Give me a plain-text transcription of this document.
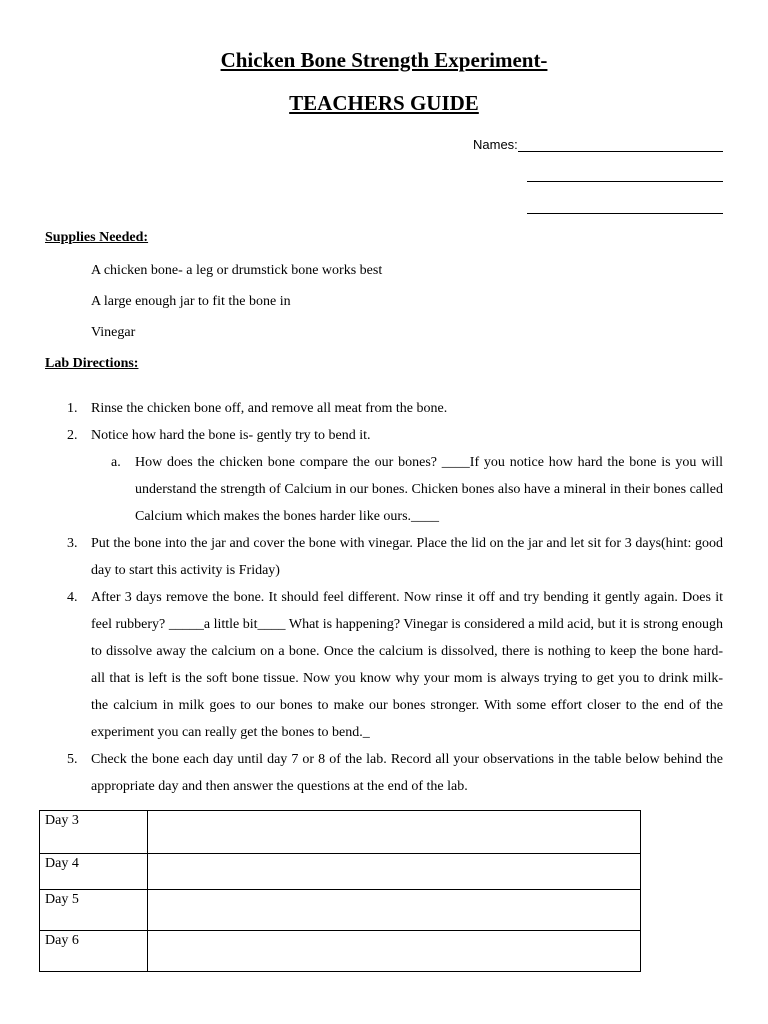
Chicken Bone Strength Experiment-
TEACHERS GUIDE
Names:

Supplies Needed:

A chicken bone- a leg or drumstick bone works best

A large enough jar to fit the bone in

Vinegar

Lab Directions:

1. Rinse the chicken bone off, and remove all meat from the bone.
2. Notice how hard the bone is- gently try to bend it.
a.	How does the chicken bone compare the our bones? ____If you notice how hard the bone is you will understand the strength of Calcium in our bones. Chicken bones also have a mineral in their bones called Calcium which makes the bones harder like ours.____
3. Put the bone into the jar and cover the bone with vinegar. Place the lid on the jar and let sit for 3 days(hint: good day to start this activity is Friday)
4. After 3 days remove the bone. It should feel different. Now rinse it off and try bending it gently again. Does it feel rubbery? _____a little bit____ What is happening? Vinegar is considered a mild acid, but it is strong enough to dissolve away the calcium on a bone. Once the calcium is dissolved, there is nothing to keep the bone hard- all that is left is the soft bone tissue. Now you know why your mom is always trying to get you to drink milk- the calcium in milk goes to our bones to make our bones stronger. With some effort closer to the end of the experiment you can really get the bones to bend._
5. Check the bone each day until day 7 or 8 of the lab. Record all your observations in the table below behind the appropriate day and then answer the questions at the end of the lab.
Day 3	
Day 4	
Day 5	
Day 6	
